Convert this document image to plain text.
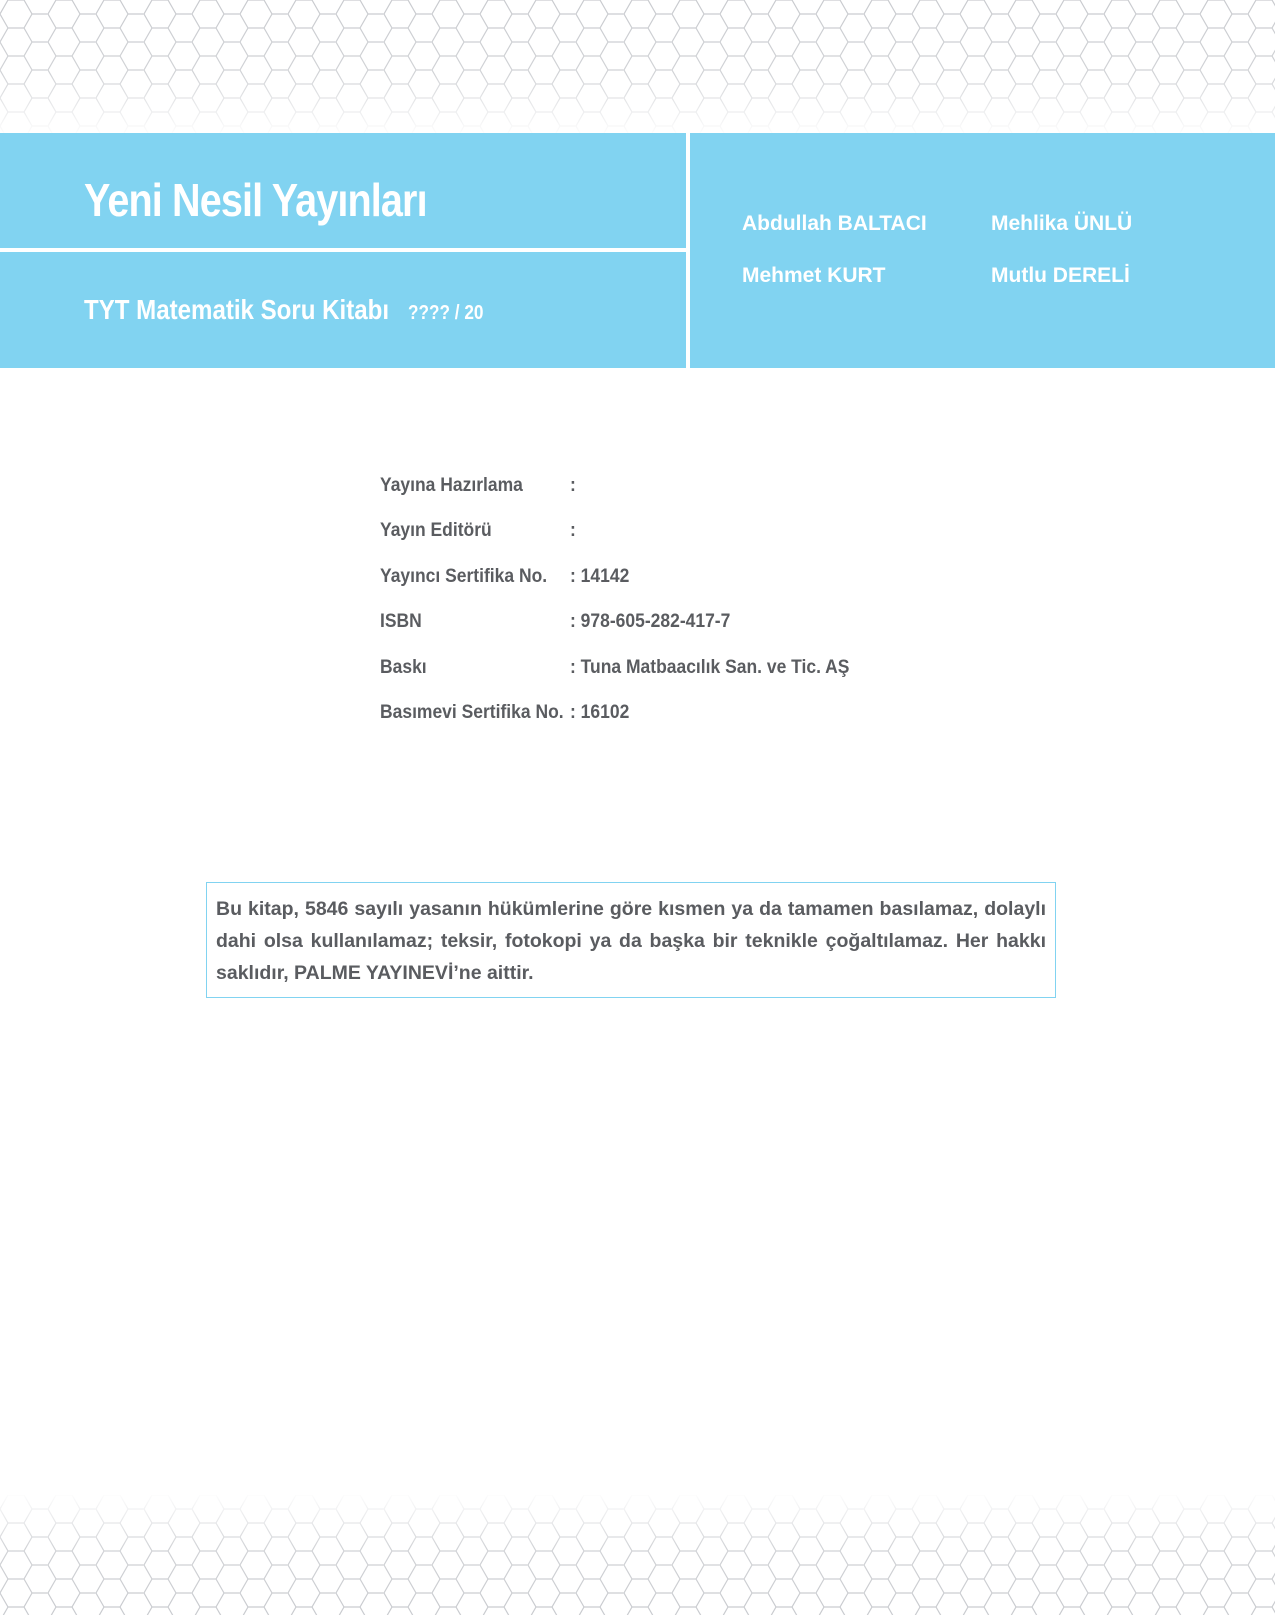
Yeni Nesil Yayınları
TYT Matematik Soru Kitabı ???? / 20
Abdullah BALTACI	Mehlika ÜNLÜ
Mehmet KURT	Mutlu DERELİ
Yayına Hazırlama	:
Yayın Editörü	:
Yayıncı Sertifika No.	: 14142
ISBN	: 978-605-282-417-7
Baskı	: Tuna Matbaacılık San. ve Tic. AŞ
Basımevi Sertifika No. : 16102
Bu kitap, 5846 sayılı yasanın hükümlerine göre kısmen ya da tamamen basılamaz, dolaylı dahi olsa kullanılamaz; teksir, fotokopi ya da başka bir teknikle çoğaltılamaz. Her hakkı saklıdır, PALME YAYINEVİ’ne aittir.
